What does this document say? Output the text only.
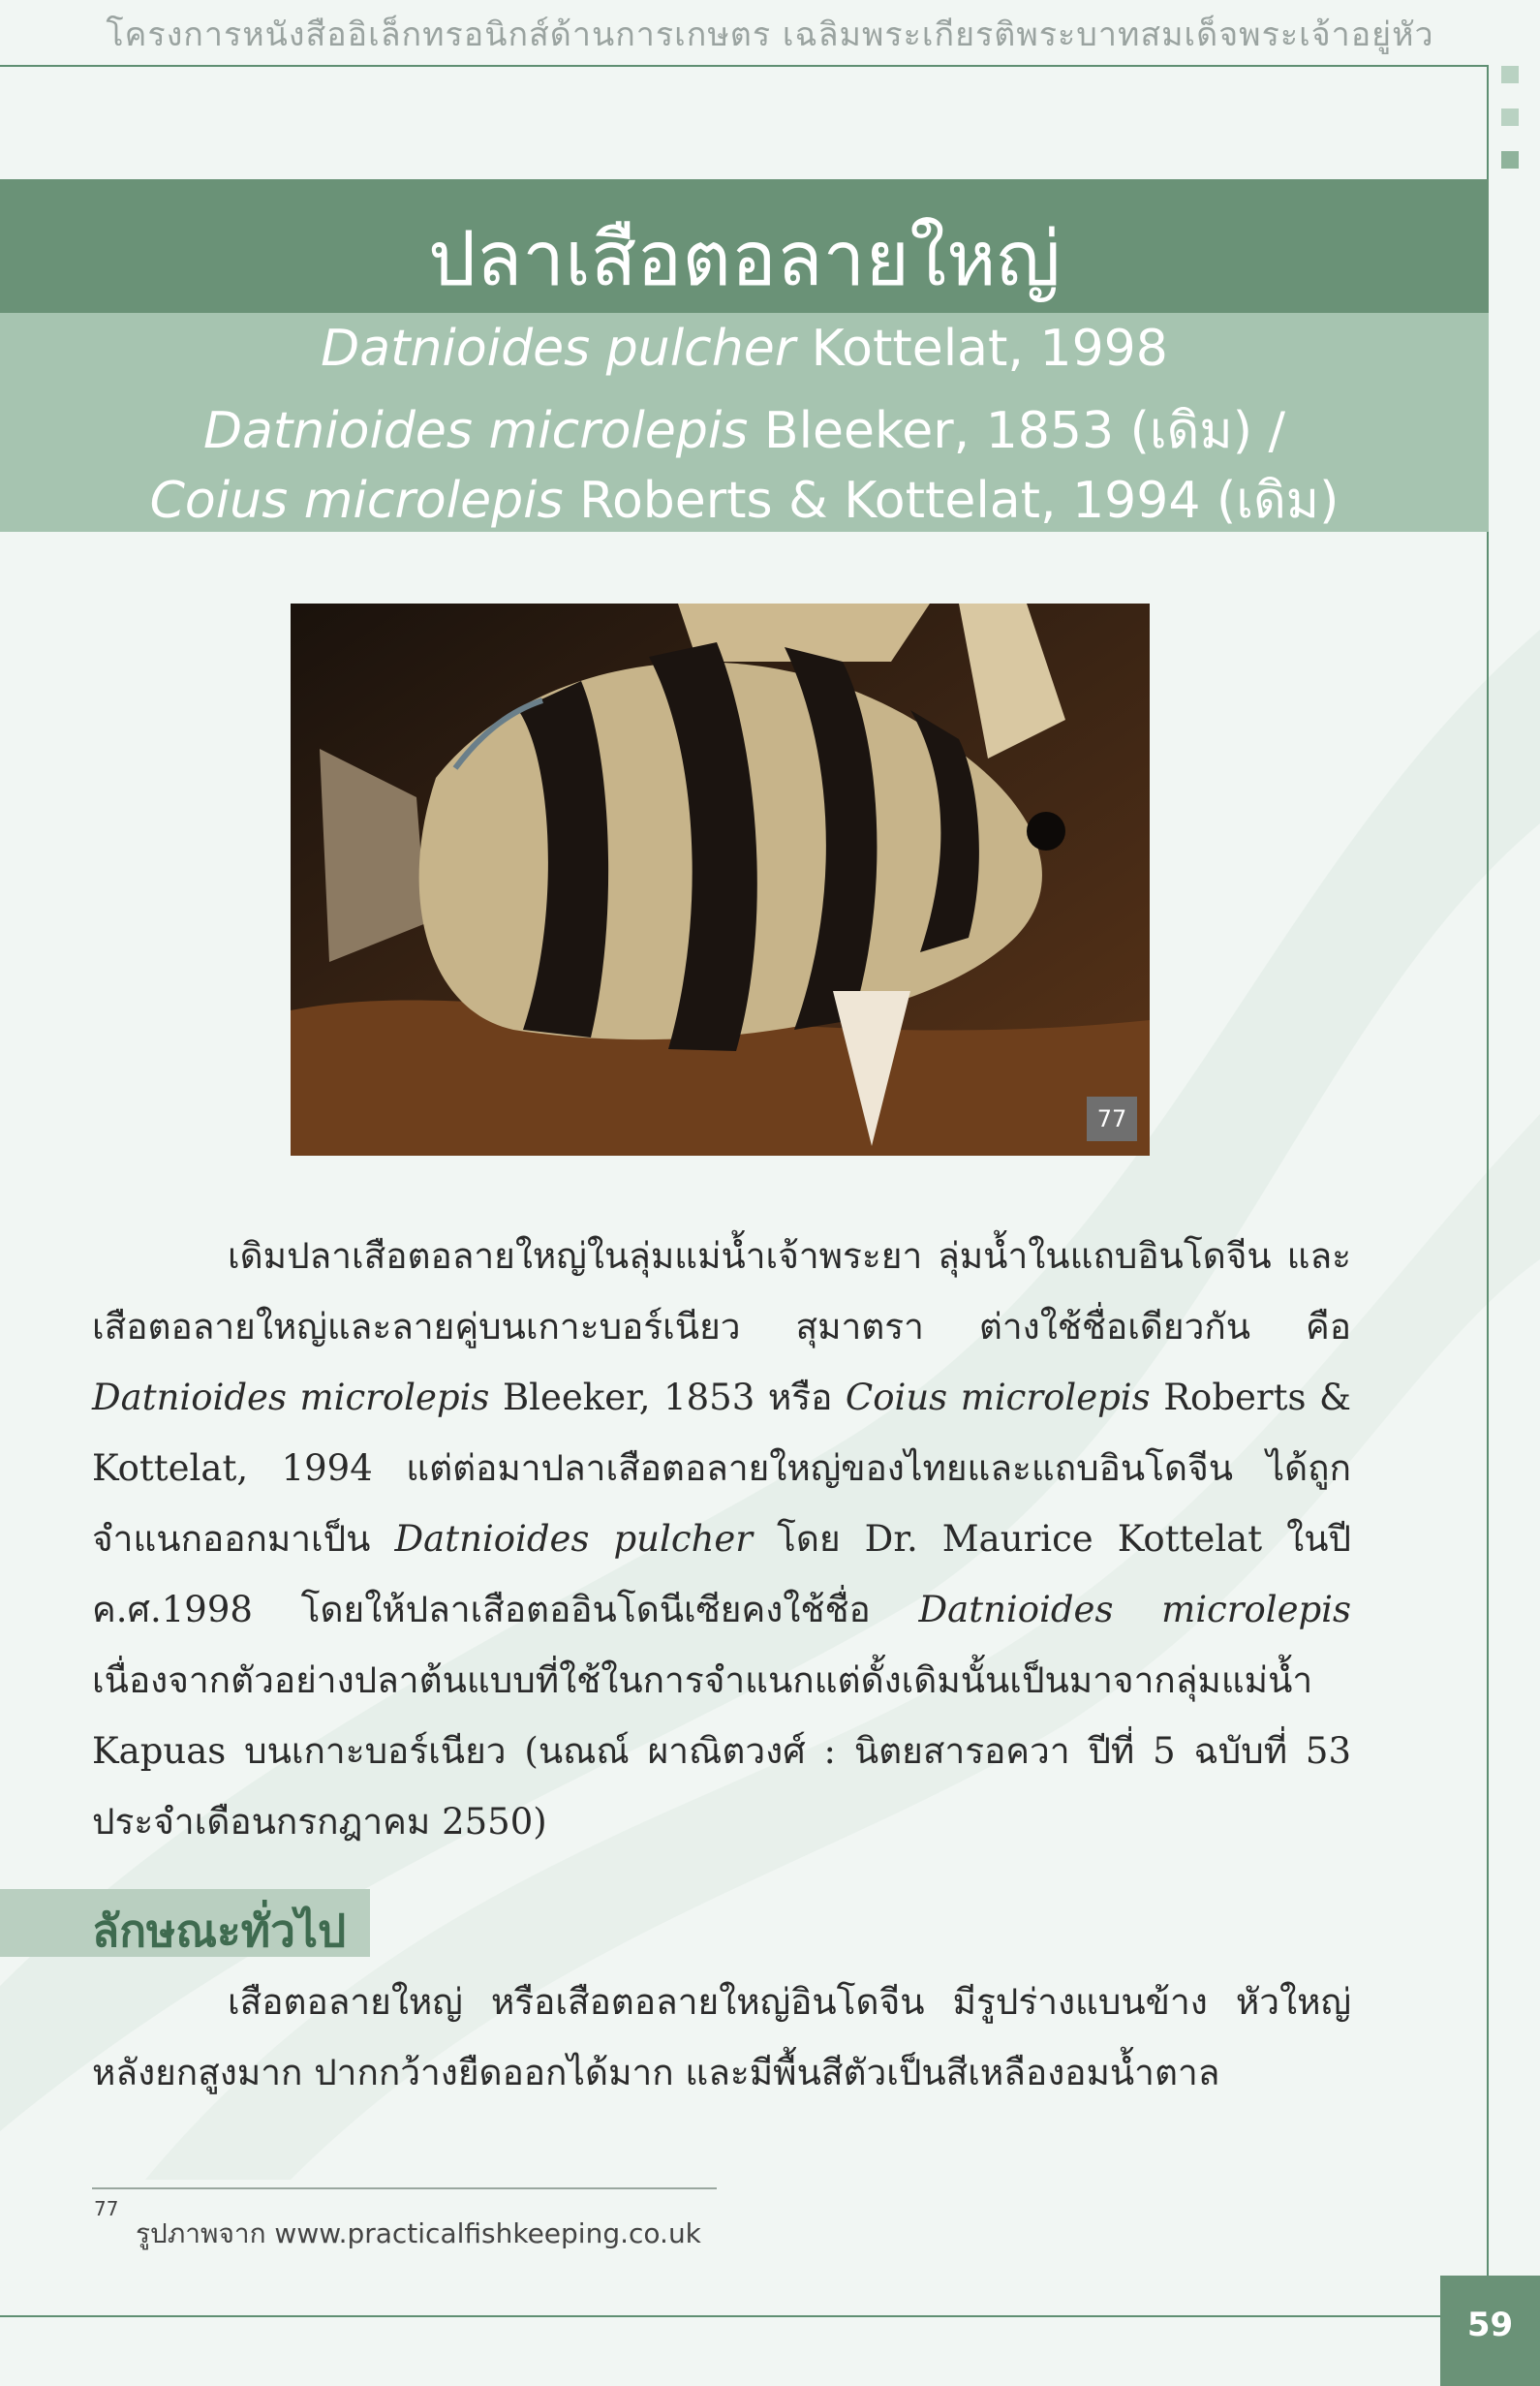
โครงการหนังสืออิเล็กทรอนิกส์ด้านการเกษตร เฉลิมพระเกียรติพระบาทสมเด็จพระเจ้าอยู่หัว
ปลาเสือตอลายใหญ่
Datnioides pulcher Kottelat, 1998
Datnioides microlepis Bleeker, 1853 (เดิม) /
Coius microlepis Roberts & Kottelat, 1994 (เดิม)
77
เดิมปลาเสือตอลายใหญ่ในลุ่มแม่น้ำเจ้าพระยา ลุ่มน้ำในแถบอินโดจีน และเสือตอลายใหญ่และลายคู่บนเกาะบอร์เนียว สุมาตรา ต่างใช้ชื่อเดียวกัน คือ Datnioides microlepis Bleeker, 1853 หรือ Coius microlepis Roberts & Kottelat, 1994 แต่ต่อมาปลาเสือตอลายใหญ่ของไทยและแถบอินโดจีน ได้ถูกจำแนกออกมาเป็น Datnioides pulcher โดย Dr. Maurice Kottelat ในปี ค.ศ.1998 โดยให้ปลาเสือตออินโดนีเซียคงใช้ชื่อ Datnioides microlepis เนื่องจากตัวอย่างปลาต้นแบบที่ใช้ในการจำแนกแต่ดั้งเดิมนั้นเป็นมาจากลุ่มแม่น้ำ Kapuas บนเกาะบอร์เนียว (นณณ์ ผาณิตวงศ์ : นิตยสารอควา ปีที่ 5 ฉบับที่ 53 ประจำเดือนกรกฎาคม 2550)
ลักษณะทั่วไป
เสือตอลายใหญ่ หรือเสือตอลายใหญ่อินโดจีน มีรูปร่างแบนข้าง หัวใหญ่ หลังยกสูงมาก ปากกว้างยืดออกได้มาก และมีพื้นสีตัวเป็นสีเหลืองอมน้ำตาล
77
รูปภาพจาก www.practicalfishkeeping.co.uk
59
